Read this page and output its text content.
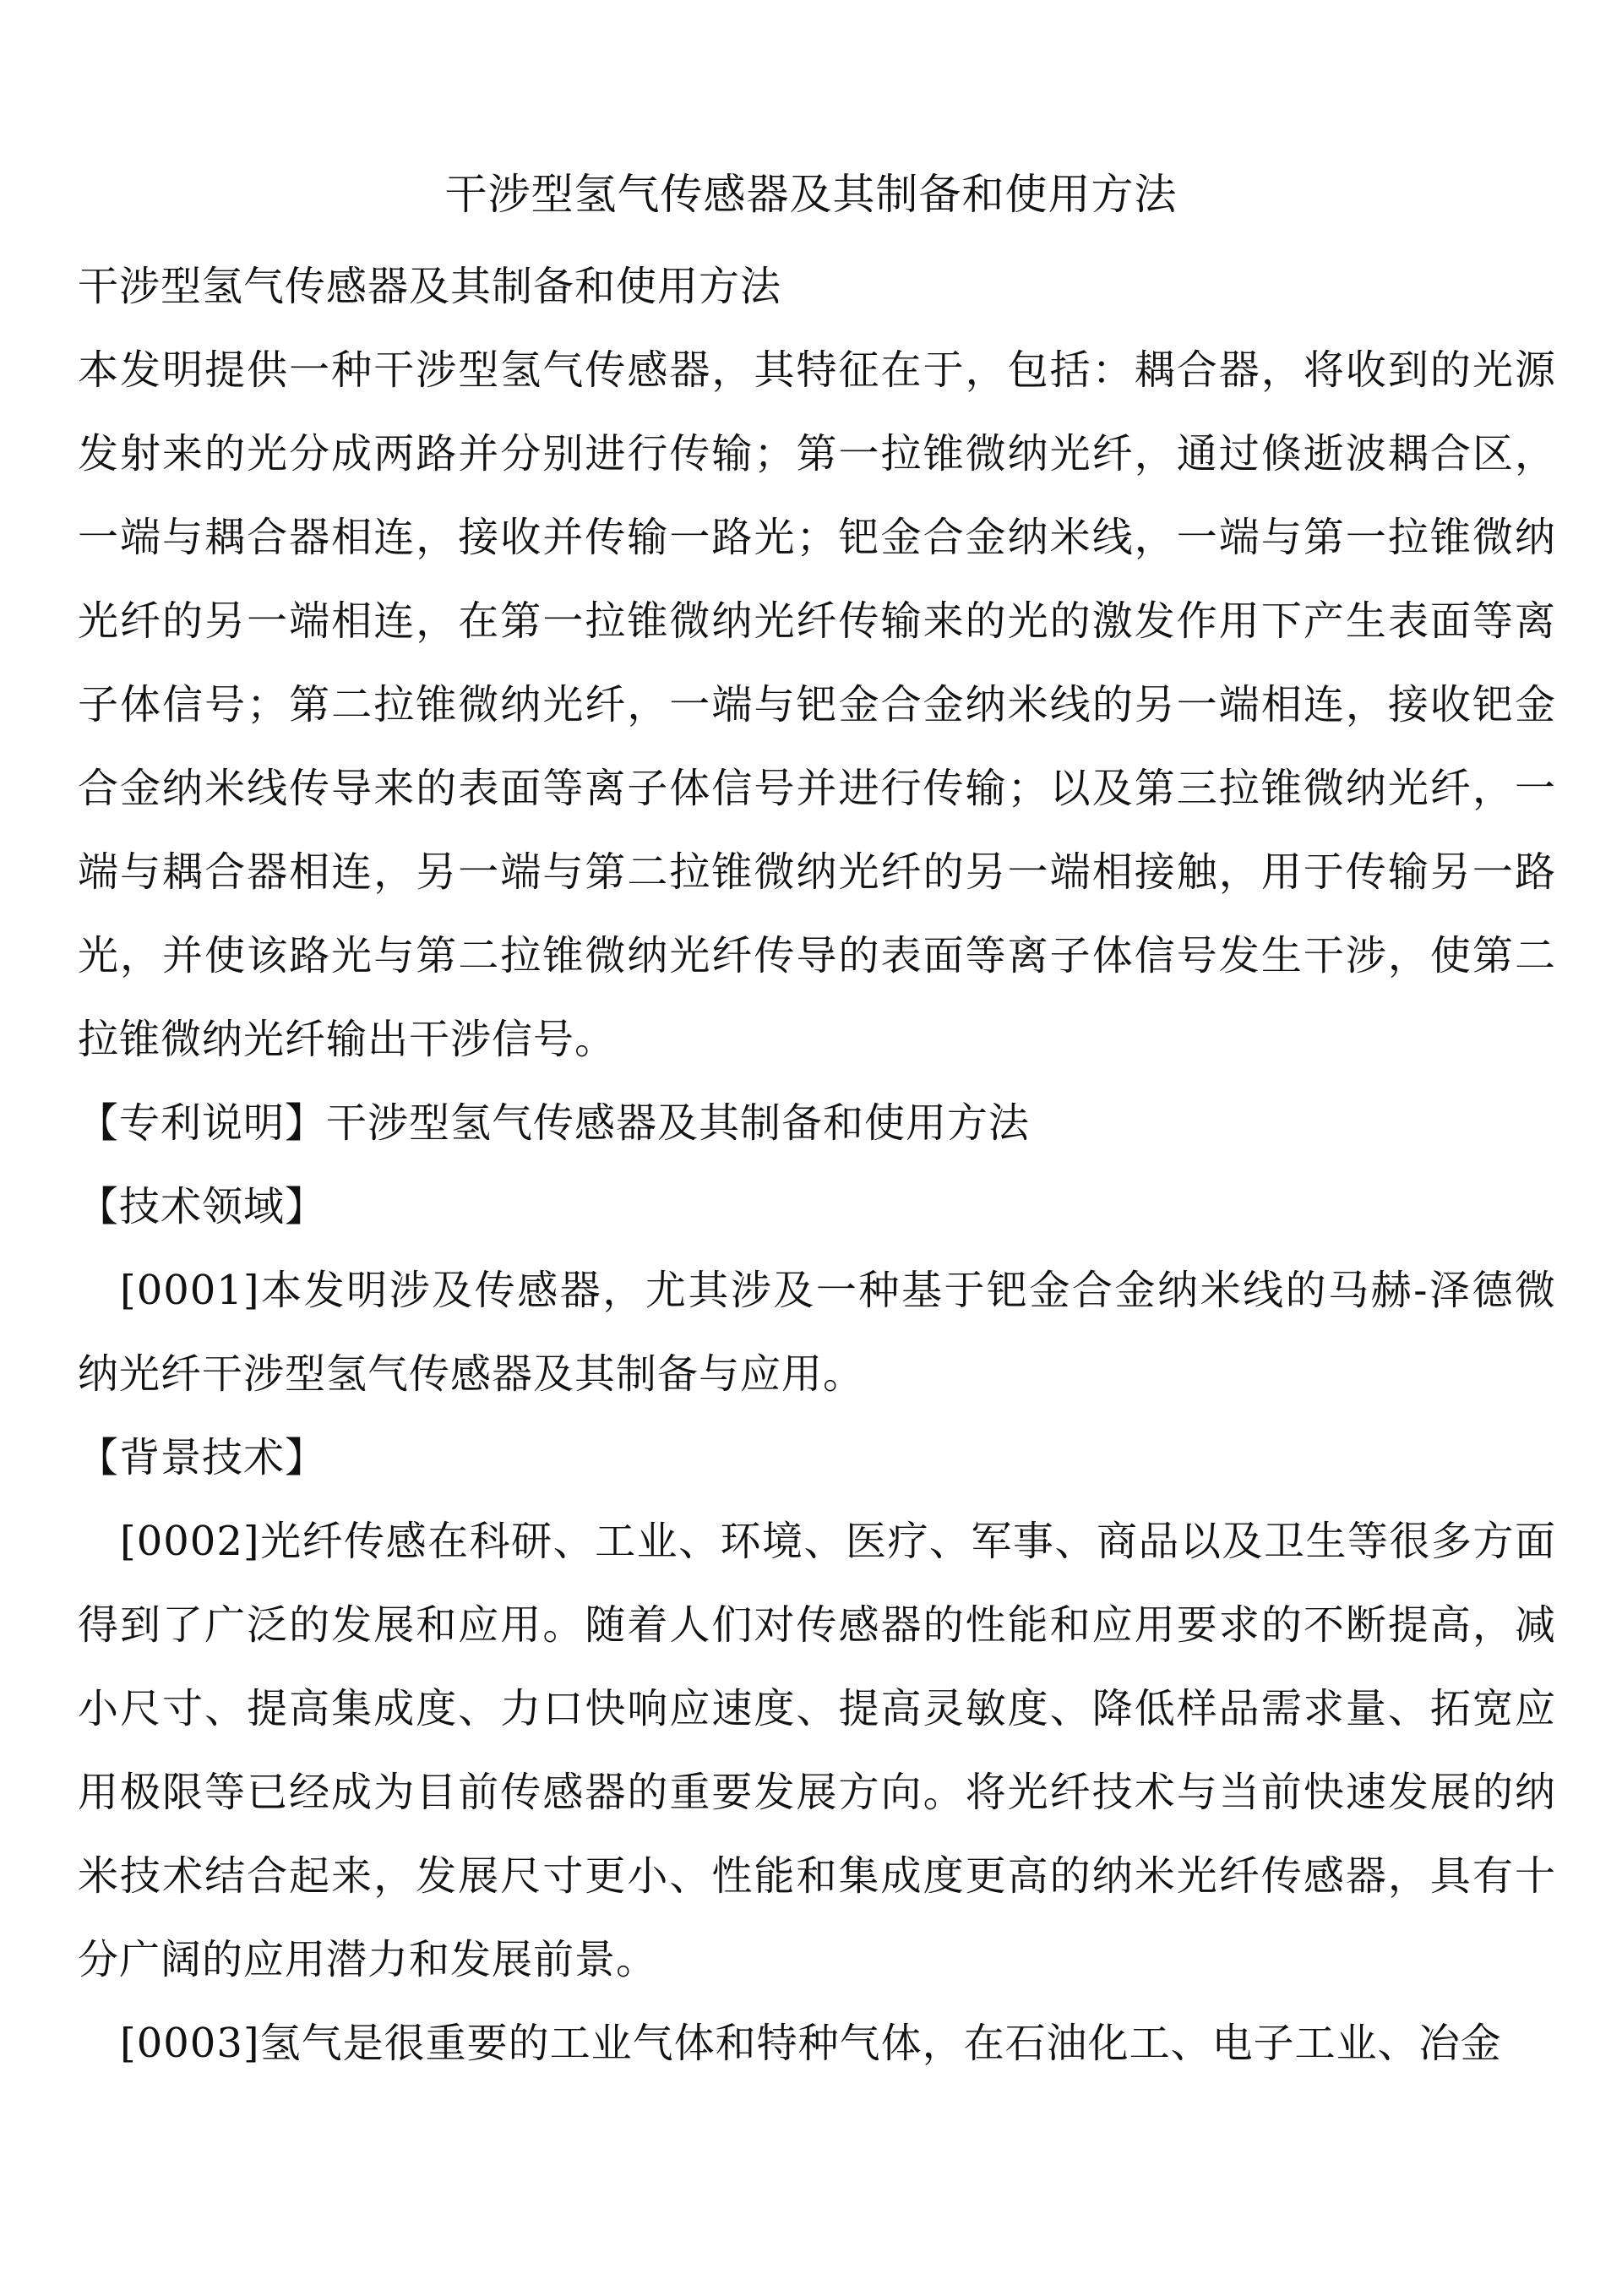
干涉型氢气传感器及其制备和使用方法

干涉型氢气传感器及其制备和使用方法

本发明提供一种干涉型氢气传感器，其特征在于，包括：耦合器，将收到的光源发射来的光分成两路并分别进行传输；第一拉锥微纳光纤，通过倏逝波耦合区，一端与耦合器相连，接收并传输一路光；钯金合金纳米线，一端与第一拉锥微纳光纤的另一端相连，在第一拉锥微纳光纤传输来的光的激发作用下产生表面等离子体信号；第二拉锥微纳光纤，一端与钯金合金纳米线的另一端相连，接收钯金合金纳米线传导来的表面等离子体信号并进行传输；以及第三拉锥微纳光纤，一端与耦合器相连，另一端与第二拉锥微纳光纤的另一端相接触，用于传输另一路光，并使该路光与第二拉锥微纳光纤传导的表面等离子体信号发生干涉，使第二拉锥微纳光纤输出干涉信号。

【专利说明】干涉型氢气传感器及其制备和使用方法

【技术领域】

[0001]本发明涉及传感器，尤其涉及一种基于钯金合金纳米线的马赫-泽德微纳光纤干涉型氢气传感器及其制备与应用。

【背景技术】

[0002]光纤传感在科研、工业、环境、医疗、军事、商品以及卫生等很多方面得到了广泛的发展和应用。随着人们对传感器的性能和应用要求的不断提高，减小尺寸、提高集成度、力口快响应速度、提高灵敏度、降低样品需求量、拓宽应用极限等已经成为目前传感器的重要发展方向。将光纤技术与当前快速发展的纳米技术结合起来，发展尺寸更小、性能和集成度更高的纳米光纤传感器，具有十分广阔的应用潜力和发展前景。

[0003]氢气是很重要的工业气体和特种气体，在石油化工、电子工业、冶金
